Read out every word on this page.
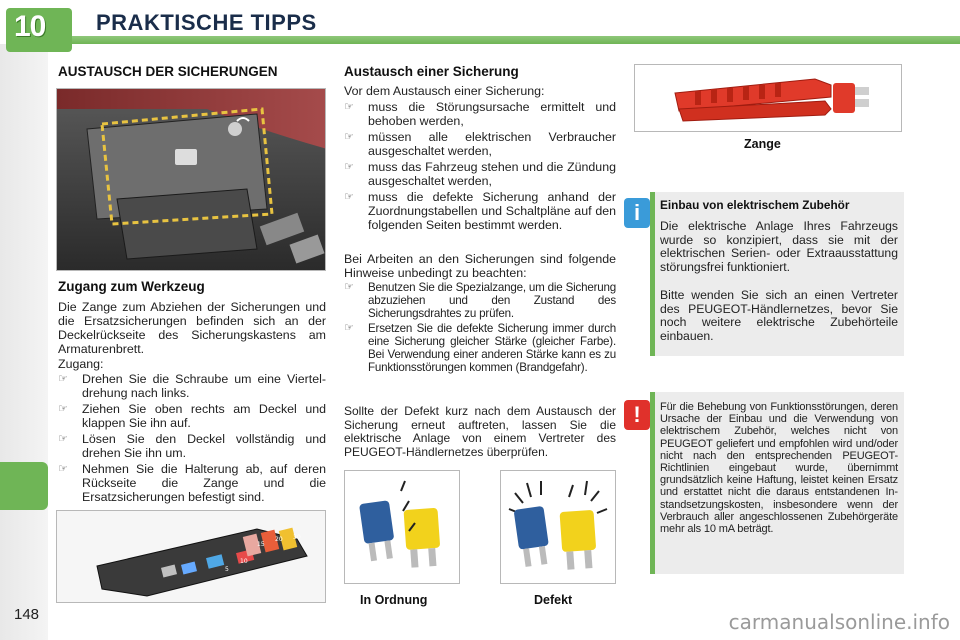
10 PRAKTISCHE TIPPS
AUSTAUSCH DER SICHERUNGEN
Zugang zum Werkzeug
Die Zange zum Abziehen der Sicherungen und die Ersatzsicherungen befinden sich an der Deckelrückseite des Sicherungskastens am Armaturenbrett.
Zugang:
☞ Drehen Sie die Schraube um eine Vierteldrehung nach links.
☞ Ziehen Sie oben rechts am Deckel und klappen Sie ihn auf.
☞ Lösen Sie den Deckel vollständig und drehen Sie ihn um.
☞ Nehmen Sie die Halterung ab, auf deren Rückseite die Zange und die Ersatzsicherungen befestigt sind.
5
10
15
20 30
148
Austausch einer Sicherung
Vor dem Austausch einer Sicherung:
☞ muss die Störungsursache ermittelt und behoben werden,
☞ müssen alle elektrischen Verbraucher ausgeschaltet werden,
☞ muss das Fahrzeug stehen und die Zündung ausgeschaltet werden,
☞ muss die defekte Sicherung anhand der Zuordnungstabellen und Schaltpläne auf den folgenden Seiten bestimmt werden.
Bei Arbeiten an den Sicherungen sind folgende Hinweise unbedingt zu beachten:
☞ Benutzen Sie die Spezialzange, um die Sicherung abzuziehen und den Zustand des Sicherungsdrahtes zu prüfen.
☞ Ersetzen Sie die defekte Sicherung immer durch eine Sicherung gleicher Stärke (gleicher Farbe). Bei Verwendung einer anderen Stärke kann es zu Funktionsstörungen kommen (Brandgefahr).
Sollte der Defekt kurz nach dem Austausch der Sicherung erneut auftreten, lassen Sie die elektrische Anlage von einem Vertreter des PEUGEOT-Händlernetzes überprüfen.
In Ordnung	Defekt
Zange
i	Einbau von elektrischem Zubehör
Die elektrische Anlage Ihres Fahrzeugs wurde so konzipiert, dass sie mit der elektrischen Serien- oder Extraausstattung störungsfrei funktioniert.
Bitte wenden Sie sich an einen Vertreter des PEUGEOT-Händlernetzes, bevor Sie noch weitere elektrische Zubehörteile einbauen.
!	Für die Behebung von Funktionsstörungen, deren Ursache der Einbau und die Verwendung von elektrischem Zubehör, welches nicht von PEUGEOT geliefert und empfohlen wird und/oder nicht nach den entsprechenden PEUGEOT-Richtlinien eingebaut wurde, übernimmt grundsätzlich keine Haftung, leistet keinen Ersatz und erstattet nicht die daraus entstandenen Instandsetzungskosten, insbesondere wenn der Verbrauch aller angeschlossenen Zubehörgeräte mehr als 10 mA beträgt.
carmanualsonline.info
